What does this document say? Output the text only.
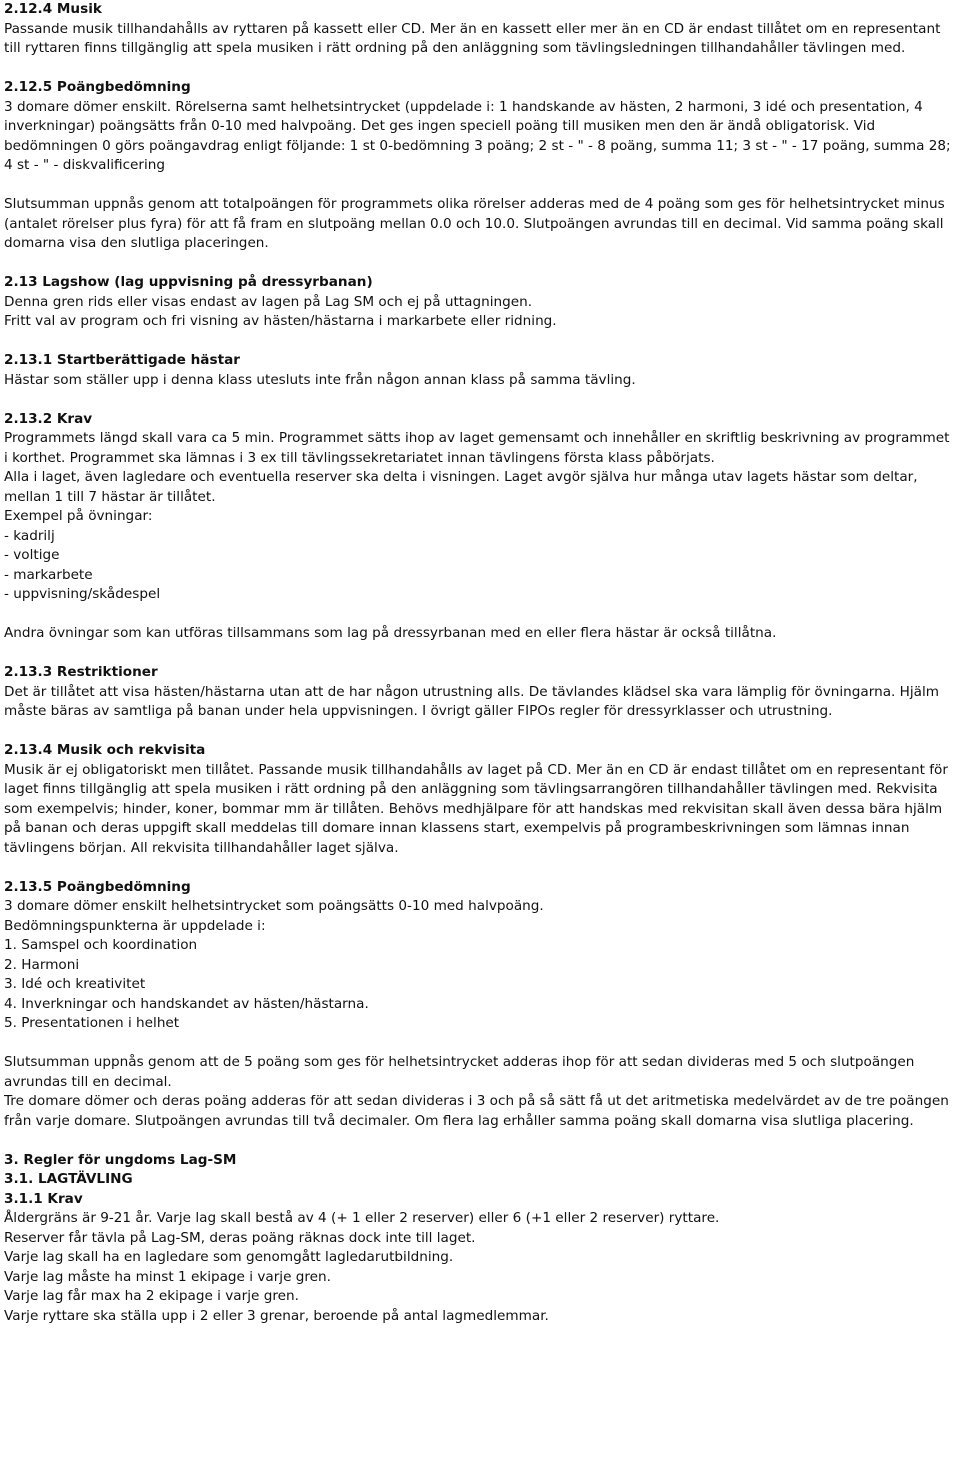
2.12.4 Musik
Passande musik tillhandahålls av ryttaren på kassett eller CD. Mer än en kassett eller mer än en CD är endast tillåtet om en representant till ryttaren finns tillgänglig att spela musiken i rätt ordning på den anläggning som tävlingsledningen tillhandahåller tävlingen med.
2.12.5 Poängbedömning
3 domare dömer enskilt. Rörelserna samt helhetsintrycket (uppdelade i: 1 handskande av hästen, 2 harmoni, 3 idé och presentation, 4 inverkningar) poängsätts från 0-10 med halvpoäng. Det ges ingen speciell poäng till musiken men den är ändå obligatorisk. Vid bedömningen 0 görs poängavdrag enligt följande: 1 st 0-bedömning 3 poäng; 2 st - " - 8 poäng, summa 11; 3 st - " - 17 poäng, summa 28; 4 st - " - diskvalificering
Slutsumman uppnås genom att totalpoängen för programmets olika rörelser adderas med de 4 poäng som ges för helhetsintrycket minus (antalet rörelser plus fyra) för att få fram en slutpoäng mellan 0.0 och 10.0. Slutpoängen avrundas till en decimal. Vid samma poäng skall domarna visa den slutliga placeringen.
2.13 Lagshow (lag uppvisning på dressyrbanan)
Denna gren rids eller visas endast av lagen på Lag SM och ej på uttagningen.
Fritt val av program och fri visning av hästen/hästarna i markarbete eller ridning.
2.13.1 Startberättigade hästar
Hästar som ställer upp i denna klass utesluts inte från någon annan klass på samma tävling.
2.13.2 Krav
Programmets längd skall vara ca 5 min. Programmet sätts ihop av laget gemensamt och innehåller en skriftlig beskrivning av programmet i korthet. Programmet ska lämnas i 3 ex till tävlingssekretariatet innan tävlingens första klass påbörjats.
Alla i laget, även lagledare och eventuella reserver ska delta i visningen. Laget avgör själva hur många utav lagets hästar som deltar, mellan 1 till 7 hästar är tillåtet.
Exempel på övningar:
- kadrilj
- voltige
- markarbete
- uppvisning/skådespel
Andra övningar som kan utföras tillsammans som lag på dressyrbanan med en eller flera hästar är också tillåtna.
2.13.3 Restriktioner
Det är tillåtet att visa hästen/hästarna utan att de har någon utrustning alls. De tävlandes klädsel ska vara lämplig för övningarna. Hjälm måste bäras av samtliga på banan under hela uppvisningen. I övrigt gäller FIPOs regler för dressyrklasser och utrustning.
2.13.4 Musik och rekvisita
Musik är ej obligatoriskt men tillåtet. Passande musik tillhandahålls av laget på CD. Mer än en CD är endast tillåtet om en representant för laget finns tillgänglig att spela musiken i rätt ordning på den anläggning som tävlingsarrangören tillhandahåller tävlingen med. Rekvisita som exempelvis; hinder, koner, bommar mm är tillåten. Behövs medhjälpare för att handskas med rekvisitan skall även dessa bära hjälm på banan och deras uppgift skall meddelas till domare innan klassens start, exempelvis på programbeskrivningen som lämnas innan tävlingens början. All rekvisita tillhandahåller laget själva.
2.13.5 Poängbedömning
3 domare dömer enskilt helhetsintrycket som poängsätts 0-10 med halvpoäng.
Bedömningspunkterna är uppdelade i:
1. Samspel och koordination
2. Harmoni
3. Idé och kreativitet
4. Inverkningar och handskandet av hästen/hästarna.
5. Presentationen i helhet
Slutsumman uppnås genom att de 5 poäng som ges för helhetsintrycket adderas ihop för att sedan divideras med 5 och slutpoängen avrundas till en decimal.
Tre domare dömer och deras poäng adderas för att sedan divideras i 3 och på så sätt få ut det aritmetiska medelvärdet av de tre poängen från varje domare. Slutpoängen avrundas till två decimaler. Om flera lag erhåller samma poäng skall domarna visa slutliga placering.
3. Regler för ungdoms Lag-SM
3.1. LAGTÄVLING
3.1.1 Krav
Åldergräns är 9-21 år. Varje lag skall bestå av 4 (+ 1 eller 2 reserver) eller 6 (+1 eller 2 reserver) ryttare.
Reserver får tävla på Lag-SM, deras poäng räknas dock inte till laget.
Varje lag skall ha en lagledare som genomgått lagledarutbildning.
Varje lag måste ha minst 1 ekipage i varje gren.
Varje lag får max ha 2 ekipage i varje gren.
Varje ryttare ska ställa upp i 2 eller 3 grenar, beroende på antal lagmedlemmar.
